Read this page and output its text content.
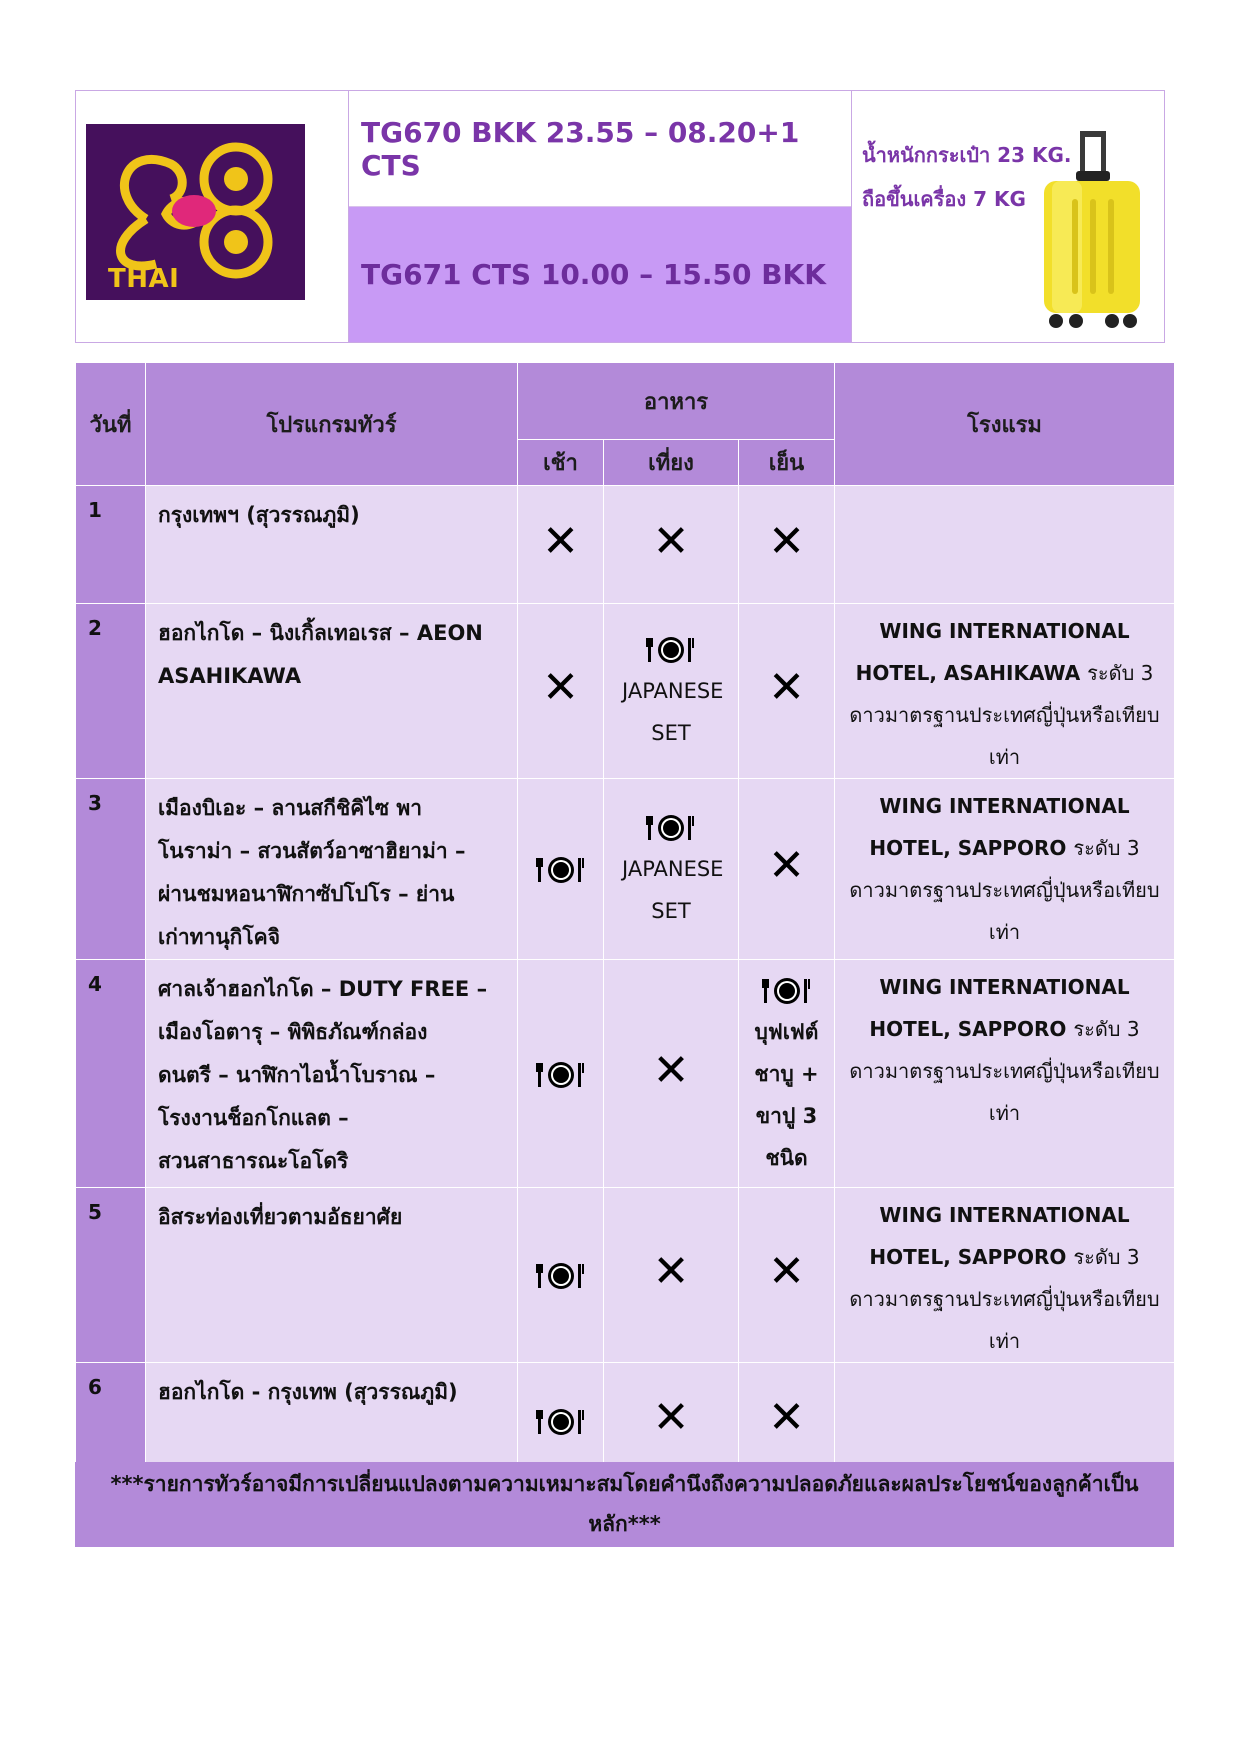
THAI
TG670 BKK 23.55 – 08.20+1 CTS
TG671 CTS 10.00 – 15.50 BKK
น้ำหนักกระเป๋า 23 KG.
ถือขึ้นเครื่อง 7 KG
วันที่	โปรแกรมทัวร์	อาหาร			โรงแรม
		เช้า	เที่ยง	เย็น	
1	กรุงเทพฯ (สุวรรณภูมิ)	✕	✕	✕	
2	ฮอกไกโด – นิงเกิ้ลเทอเรส – AEON
ASAHIKAWA	✕	JAPANESE SET	✕	WING INTERNATIONAL HOTEL, ASAHIKAWA ระดับ 3 ดาวมาตรฐานประเทศญี่ปุ่นหรือเทียบเท่า
3	เมืองบิเอะ – ลานสกีชิคิไซ พา
โนราม่า – สวนสัตว์อาซาฮิยาม่า –
ผ่านชมหอนาฬิกาซัปโปโร – ย่าน
เก่าทานุกิโคจิ		JAPANESE SET	✕	WING INTERNATIONAL HOTEL, SAPPORO ระดับ 3 ดาวมาตรฐานประเทศญี่ปุ่นหรือเทียบเท่า
4	ศาลเจ้าฮอกไกโด – DUTY FREE –
เมืองโอตารุ – พิพิธภัณฑ์กล่อง
ดนตรี – นาฬิกาไอน้ำโบราณ –
โรงงานช็อกโกแลต –
สวนสาธารณะโอโดริ		✕	บุฟเฟต์ชาบู + ขาปู 3 ชนิด	WING INTERNATIONAL HOTEL, SAPPORO ระดับ 3 ดาวมาตรฐานประเทศญี่ปุ่นหรือเทียบเท่า
5	อิสระท่องเที่ยวตามอัธยาศัย		✕	✕	WING INTERNATIONAL HOTEL, SAPPORO ระดับ 3 ดาวมาตรฐานประเทศญี่ปุ่นหรือเทียบเท่า
6	ฮอกไกโด - กรุงเทพ (สุวรรณภูมิ)		✕	✕	
***รายการทัวร์อาจมีการเปลี่ยนแปลงตามความเหมาะสมโดยคำนึงถึงความปลอดภัยและผลประโยชน์ของลูกค้าเป็นหลัก***
